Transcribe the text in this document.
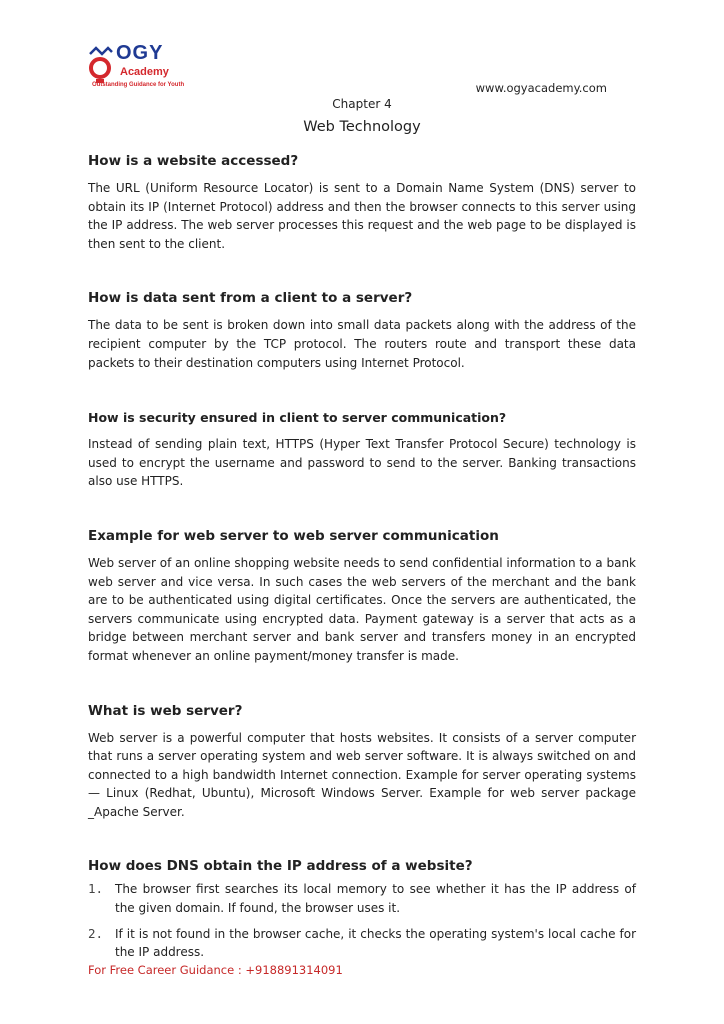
OGY
Academy
Outstanding Guidance for Youth	www.ogyacademy.com
Chapter 4
Web Technology
How is a website accessed?

The URL (Uniform Resource Locator) is sent to a Domain Name System (DNS) server to obtain its IP (Internet Protocol) address and then the browser connects to this server using the IP address. The web server processes this request and the web page to be displayed is then sent to the client.

How is data sent from a client to a server?

The data to be sent is broken down into small data packets along with the address of the recipient computer by the TCP protocol. The routers route and transport these data packets to their destination computers using Internet Protocol.

How is security ensured in client to server communication?

Instead of sending plain text, HTTPS (Hyper Text Transfer Protocol Secure) technology is used to encrypt the username and password to send to the server. Banking transactions also use HTTPS.

Example for web server to web server communication

Web server of an online shopping website needs to send confidential information to a bank web server and vice versa. In such cases the web servers of the merchant and the bank are to be authenticated using digital certificates. Once the servers are authenticated, the servers communicate using encrypted data. Payment gateway is a server that acts as a bridge between merchant server and bank server and transfers money in an encrypted format whenever an online payment/money transfer is made.

What is web server?

Web server is a powerful computer that hosts websites. It consists of a server computer that runs a server operating system and web server software. It is always switched on and connected to a high bandwidth Internet connection. Example for server operating systems — Linux (Redhat, Ubuntu), Microsoft Windows Server. Example for web server package _Apache Server.

How does DNS obtain the IP address of a website?
1. The browser first searches its local memory to see whether it has the IP address of the given domain. If found, the browser uses it.
2. If it is not found in the browser cache, it checks the operating system's local cache for the IP address.
For Free Career Guidance : +918891314091
